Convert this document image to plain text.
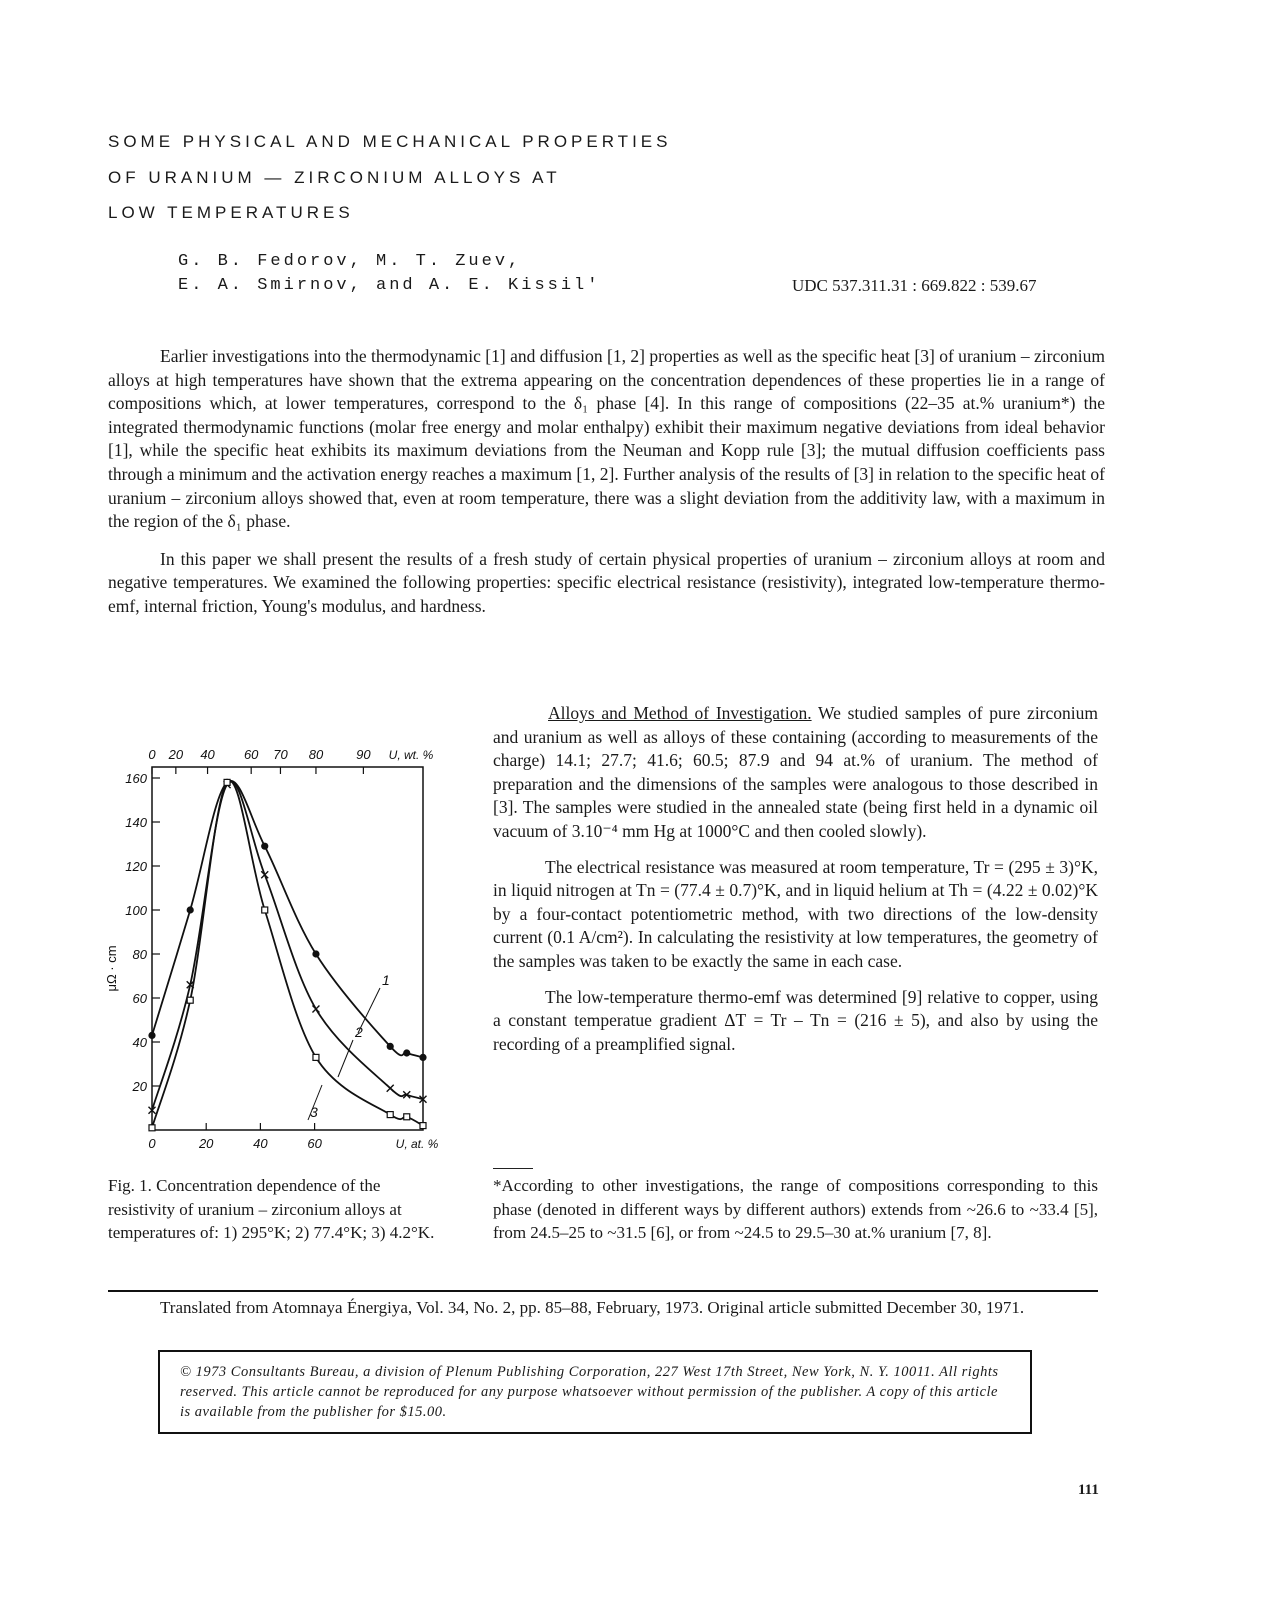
SOME PHYSICAL AND MECHANICAL PROPERTIES
OF URANIUM — ZIRCONIUM ALLOYS AT
LOW TEMPERATURES
G. B. Fedorov, M. T. Zuev,
E. A. Smirnov, and A. E. Kissil'	UDC 537.311.31 : 669.822 : 539.67

Earlier investigations into the thermodynamic [1] and diffusion [1, 2] properties as well as the specific heat [3] of uranium – zirconium alloys at high temperatures have shown that the extrema appearing on the concentration dependences of these properties lie in a range of compositions which, at lower temperatures, correspond to the δ₁ phase [4]. In this range of compositions (22–35 at.% uranium*) the integrated thermodynamic functions (molar free energy and molar enthalpy) exhibit their maximum negative deviations from ideal behavior [1], while the specific heat exhibits its maximum deviations from the Neuman and Kopp rule [3]; the mutual diffusion coefficients pass through a minimum and the activation energy reaches a maximum [1, 2]. Further analysis of the results of [3] in relation to the specific heat of uranium – zirconium alloys showed that, even at room temperature, there was a slight deviation from the additivity law, with a maximum in the region of the δ₁ phase.

In this paper we shall present the results of a fresh study of certain physical properties of uranium – zirconium alloys at room and negative temperatures. We examined the following properties: specific electrical resistance (resistivity), integrated low-temperature thermo-emf, internal friction, Young's modulus, and hardness.

20
40
60
80
100
120
140
160
0	20	40	60	U, at. %
0 20 40 60 70 80	90 U, wt. %
μΩ · cm	1
2
3
Fig. 1. Concentration dependence of the resistivity of uranium – zirconium alloys at temperatures of: 1) 295°K; 2) 77.4°K; 3) 4.2°K.

Alloys and Method of Investigation. We studied samples of pure zirconium and uranium as well as alloys of these containing (according to measurements of the charge) 14.1; 27.7; 41.6; 60.5; 87.9 and 94 at.% of uranium. The method of preparation and the dimensions of the samples were analogous to those described in [3]. The samples were studied in the annealed state (being first held in a dynamic oil vacuum of 3.10⁻⁴ mm Hg at 1000°C and then cooled slowly).

The electrical resistance was measured at room temperature, Tr = (295 ± 3)°K, in liquid nitrogen at Tn = (77.4 ± 0.7)°K, and in liquid helium at Th = (4.22 ± 0.02)°K by a four-contact potentiometric method, with two directions of the low-density current (0.1 A/cm²). In calculating the resistivity at low temperatures, the geometry of the samples was taken to be exactly the same in each case.

The low-temperature thermo-emf was determined [9] relative to copper, using a constant temperatue gradient ΔT = Tr – Tn = (216 ± 5), and also by using the recording of a preamplified signal.

*According to other investigations, the range of compositions corresponding to this phase (denoted in different ways by different authors) extends from ~26.6 to ~33.4 [5], from 24.5–25 to ~31.5 [6], or from ~24.5 to 29.5–30 at.% uranium [7, 8].
Translated from Atomnaya Énergiya, Vol. 34, No. 2, pp. 85–88, February, 1973. Original article submitted December 30, 1971.
© 1973 Consultants Bureau, a division of Plenum Publishing Corporation, 227 West 17th Street, New York, N. Y. 10011. All rights reserved. This article cannot be reproduced for any purpose whatsoever without permission of the publisher. A copy of this article is available from the publisher for $15.00.
111
